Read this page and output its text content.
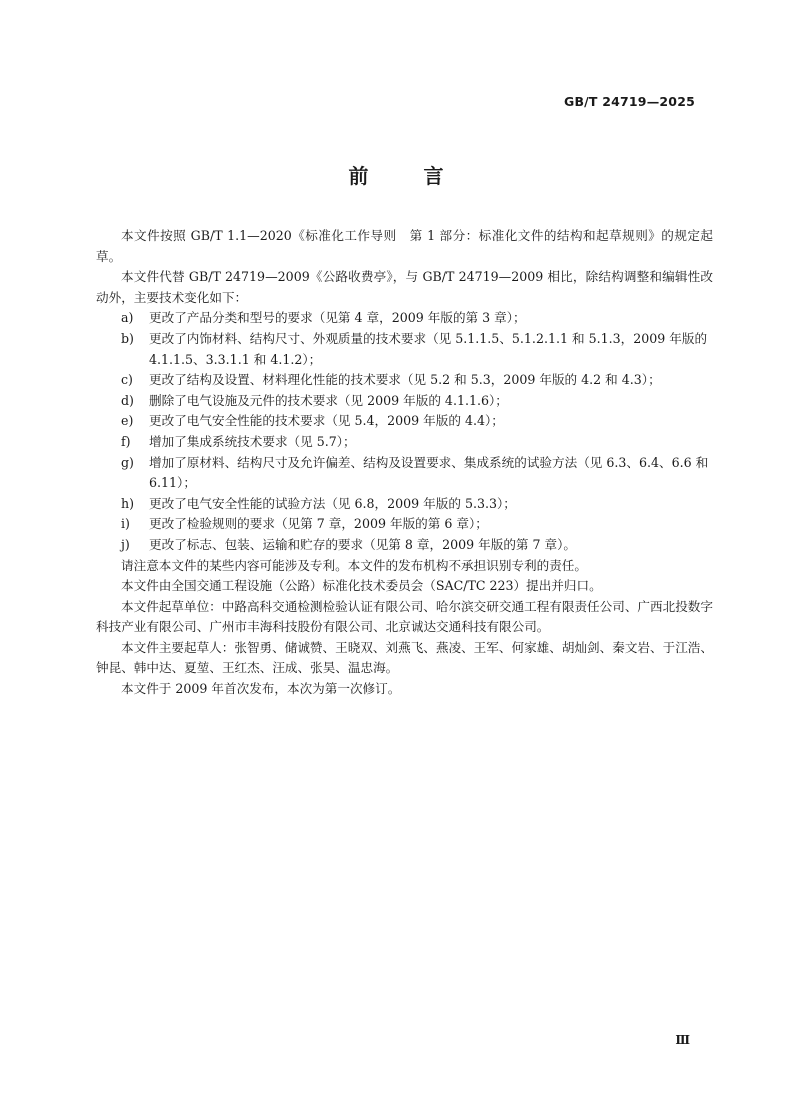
GB/T 24719—2025
前 言

本文件按照 GB/T 1.1—2020《标准化工作导则　第 1 部分：标准化文件的结构和起草规则》的规定起草。

本文件代替 GB/T 24719—2009《公路收费亭》，与 GB/T 24719—2009 相比，除结构调整和编辑性改动外，主要技术变化如下：

a) 更改了产品分类和型号的要求（见第 4 章，2009 年版的第 3 章）；

b) 更改了内饰材料、结构尺寸、外观质量的技术要求（见 5.1.1.5、5.1.2.1.1 和 5.1.3，2009 年版的 4.1.1.5、3.3.1.1 和 4.1.2）；

c) 更改了结构及设置、材料理化性能的技术要求（见 5.2 和 5.3，2009 年版的 4.2 和 4.3）；

d) 删除了电气设施及元件的技术要求（见 2009 年版的 4.1.1.6）；

e) 更改了电气安全性能的技术要求（见 5.4，2009 年版的 4.4）；

f) 增加了集成系统技术要求（见 5.7）；

g) 增加了原材料、结构尺寸及允许偏差、结构及设置要求、集成系统的试验方法（见 6.3、6.4、6.6 和 6.11）；

h) 更改了电气安全性能的试验方法（见 6.8，2009 年版的 5.3.3）；

i) 更改了检验规则的要求（见第 7 章，2009 年版的第 6 章）；

j) 更改了标志、包装、运输和贮存的要求（见第 8 章，2009 年版的第 7 章）。

请注意本文件的某些内容可能涉及专利。本文件的发布机构不承担识别专利的责任。

本文件由全国交通工程设施（公路）标准化技术委员会（SAC/TC 223）提出并归口。

本文件起草单位：中路高科交通检测检验认证有限公司、哈尔滨交研交通工程有限责任公司、广西北投数字科技产业有限公司、广州市丰海科技股份有限公司、北京诚达交通科技有限公司。

本文件主要起草人：张智勇、储诚赞、王晓双、刘燕飞、燕凌、王军、何家雄、胡灿剑、秦文岩、于江浩、钟昆、韩中达、夏堃、王红杰、汪成、张昊、温忠海。

本文件于 2009 年首次发布，本次为第一次修订。

Ⅲ
